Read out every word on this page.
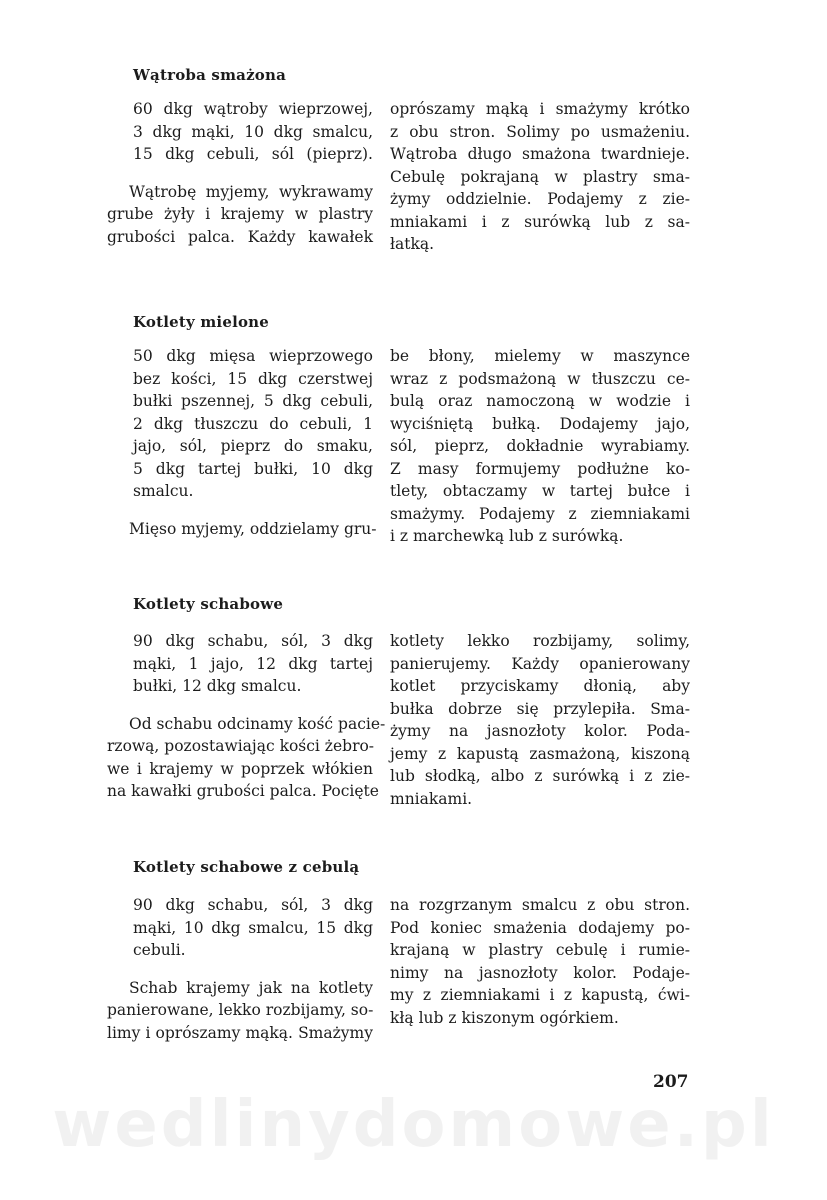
Wątroba smażona
60 dkg wątroby wieprzowej,
3 dkg mąki, 10 dkg smalcu,
15 dkg cebuli, sól (pieprz).
Wątrobę myjemy, wykrawamy
grube żyły i krajemy w plastry
grubości palca. Każdy kawałek
oprószamy mąką i smażymy krótko
z obu stron. Solimy po usmażeniu.
Wątroba długo smażona twardnieje.
Cebulę pokrajaną w plastry sma-
żymy oddzielnie. Podajemy z zie-
mniakami i z surówką lub z sa-
łatką.
Kotlety mielone
50 dkg mięsa wieprzowego
bez kości, 15 dkg czerstwej
bułki pszennej, 5 dkg cebuli,
2 dkg tłuszczu do cebuli, 1
jajo, sól, pieprz do smaku,
5 dkg tartej bułki, 10 dkg
smalcu.
Mięso myjemy, oddzielamy gru-
be błony, mielemy w maszynce
wraz z podsmażoną w tłuszczu ce-
bulą oraz namoczoną w wodzie i
wyciśniętą bułką. Dodajemy jajo,
sól, pieprz, dokładnie wyrabiamy.
Z masy formujemy podłużne ko-
tlety, obtaczamy w tartej bułce i
smażymy. Podajemy z ziemniakami
i z marchewką lub z surówką.
Kotlety schabowe
90 dkg schabu, sól, 3 dkg
mąki, 1 jajo, 12 dkg tartej
bułki, 12 dkg smalcu.
Od schabu odcinamy kość pacie-
rzową, pozostawiając kości żebro-
we i krajemy w poprzek włókien
na kawałki grubości palca. Pocięte
kotlety lekko rozbijamy, solimy,
panierujemy. Każdy opanierowany
kotlet przyciskamy dłonią, aby
bułka dobrze się przylepiła. Sma-
żymy na jasnozłoty kolor. Poda-
jemy z kapustą zasmażoną, kiszoną
lub słodką, albo z surówką i z zie-
mniakami.
Kotlety schabowe z cebulą
90 dkg schabu, sól, 3 dkg
mąki, 10 dkg smalcu, 15 dkg
cebuli.
Schab krajemy jak na kotlety
panierowane, lekko rozbijamy, so-
limy i oprószamy mąką. Smażymy
na rozgrzanym smalcu z obu stron.
Pod koniec smażenia dodajemy po-
krajaną w plastry cebulę i rumie-
nimy na jasnozłoty kolor. Podaje-
my z ziemniakami i z kapustą, ćwi-
kłą lub z kiszonym ogórkiem.
207
wedlinydomowe.pl
